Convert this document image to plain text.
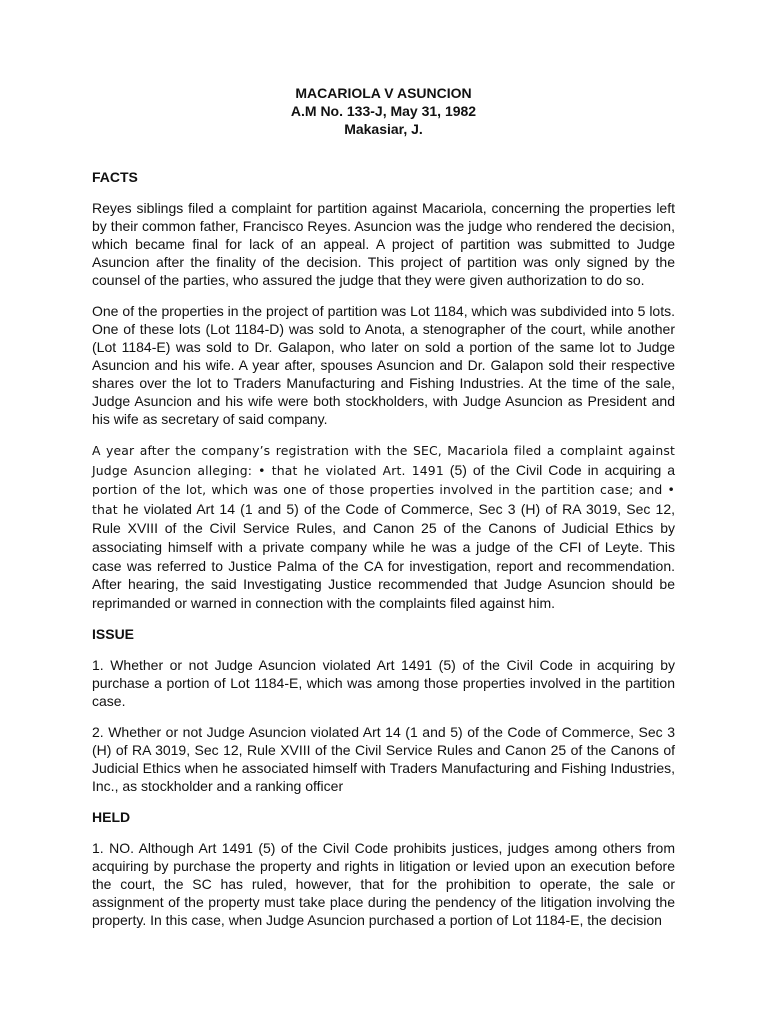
MACARIOLA V ASUNCION
A.M No. 133-J, May 31, 1982
Makasiar, J.
FACTS

Reyes siblings filed a complaint for partition against Macariola, concerning the properties left by their common father, Francisco Reyes. Asuncion was the judge who rendered the decision, which became final for lack of an appeal. A project of partition was submitted to Judge Asuncion after the finality of the decision. This project of partition was only signed by the counsel of the parties, who assured the judge that they were given authorization to do so.

One of the properties in the project of partition was Lot 1184, which was subdivided into 5 lots. One of these lots (Lot 1184-D) was sold to Anota, a stenographer of the court, while another (Lot 1184-E) was sold to Dr. Galapon, who later on sold a portion of the same lot to Judge Asuncion and his wife. A year after, spouses Asuncion and Dr. Galapon sold their respective shares over the lot to Traders Manufacturing and Fishing Industries. At the time of the sale, Judge Asuncion and his wife were both stockholders, with Judge Asuncion as President and his wife as secretary of said company.

A year after the company’s registration with the SEC, Macariola filed a complaint against Judge Asuncion alleging: • that he violated Art. 1491 (5) of the Civil Code in acquiring a portion of the lot, which was one of those properties involved in the partition case; and • that he violated Art 14 (1 and 5) of the Code of Commerce, Sec 3 (H) of RA 3019, Sec 12, Rule XVIII of the Civil Service Rules, and Canon 25 of the Canons of Judicial Ethics by associating himself with a private company while he was a judge of the CFI of Leyte. This case was referred to Justice Palma of the CA for investigation, report and recommendation. After hearing, the said Investigating Justice recommended that Judge Asuncion should be reprimanded or warned in connection with the complaints filed against him.

ISSUE

1. Whether or not Judge Asuncion violated Art 1491 (5) of the Civil Code in acquiring by purchase a portion of Lot 1184-E, which was among those properties involved in the partition case.

2. Whether or not Judge Asuncion violated Art 14 (1 and 5) of the Code of Commerce, Sec 3 (H) of RA 3019, Sec 12, Rule XVIII of the Civil Service Rules and Canon 25 of the Canons of Judicial Ethics when he associated himself with Traders Manufacturing and Fishing Industries, Inc., as stockholder and a ranking officer

HELD

1. NO. Although Art 1491 (5) of the Civil Code prohibits justices, judges among others from acquiring by purchase the property and rights in litigation or levied upon an execution before the court, the SC has ruled, however, that for the prohibition to operate, the sale or assignment of the property must take place during the pendency of the litigation involving the property. In this case, when Judge Asuncion purchased a portion of Lot 1184-E, the decision
